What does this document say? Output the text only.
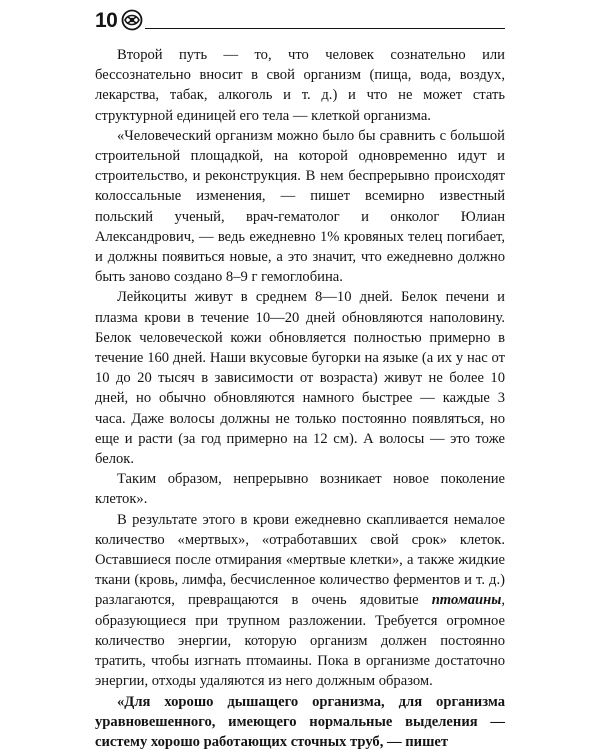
10

Второй путь — то, что человек сознательно или бессознательно вносит в свой организм (пища, вода, воздух, лекарства, табак, алкоголь и т. д.) и что не может стать структурной единицей его тела — клеткой организма.

«Человеческий организм можно было бы сравнить с большой строительной площадкой, на которой одновременно идут и строительство, и реконструкция. В нем беспрерывно происходят колоссальные изменения, — пишет всемирно известный польский ученый, врач-гематолог и онколог Юлиан Александрович, — ведь ежедневно 1% кровяных телец погибает, и должны появиться новые, а это значит, что ежедневно должно быть заново создано 8–9 г гемоглобина.

Лейкоциты живут в среднем 8—10 дней. Белок печени и плазма крови в течение 10—20 дней обновляются наполовину. Белок человеческой кожи обновляется полностью примерно в течение 160 дней. Наши вкусовые бугорки на языке (а их у нас от 10 до 20 тысяч в зависимости от возраста) живут не более 10 дней, но обычно обновляются намного быстрее — каждые 3 часа. Даже волосы должны не только постоянно появляться, но еще и расти (за год примерно на 12 см). А волосы — это тоже белок.

Таким образом, непрерывно возникает новое поколение клеток».

В результате этого в крови ежедневно скапливается немалое количество «мертвых», «отработавших свой срок» клеток. Оставшиеся после отмирания «мертвые клетки», а также жидкие ткани (кровь, лимфа, бесчисленное количество ферментов и т. д.) разлагаются, превращаются в очень ядовитые птомаины, образующиеся при трупном разложении. Требуется огромное количество энергии, которую организм должен постоянно тратить, чтобы изгнать птомаины. Пока в организме достаточно энергии, отходы удаляются из него должным образом.

«Для хорошо дышащего организма, для организма уравновешенного, имеющего нормальные выделения — систему хорошо работающих сточных труб, — пишет
